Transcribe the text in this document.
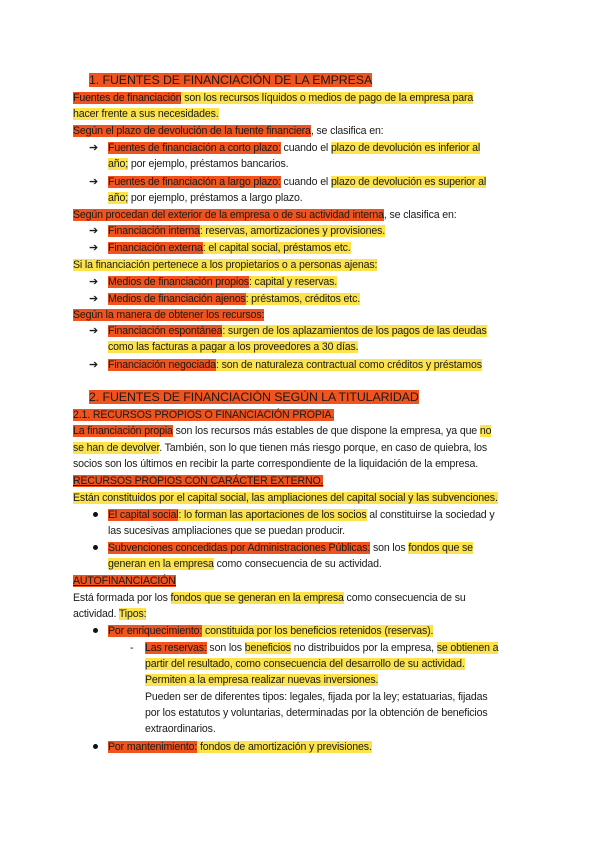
1. FUENTES DE FINANCIACIÓN DE LA EMPRESA
Fuentes de financiación son los recursos líquidos o medios de pago de la empresa para
hacer frente a sus necesidades.
Según el plazo de devolución de la fuente financiera, se clasifica en:
➔ Fuentes de financiación a corto plazo: cuando el plazo de devolución es inferior al
año; por ejemplo, préstamos bancarios.
➔ Fuentes de financiación a largo plazo: cuando el plazo de devolución es superior al
año; por ejemplo, préstamos a largo plazo.
Según procedan del exterior de la empresa o de su actividad interna, se clasifica en:
➔ Financiación interna: reservas, amortizaciones y provisiones.
➔ Financiación externa: el capital social, préstamos etc.
Si la financiación pertenece a los propietarios o a personas ajenas:
➔ Medios de financiación propios: capital y reservas.
➔ Medios de financiación ajenos: préstamos, créditos etc.
Según la manera de obtener los recursos:
➔ Financiación espontánea: surgen de los aplazamientos de los pagos de las deudas
como las facturas a pagar a los proveedores a 30 días.
➔ Financiación negociada: son de naturaleza contractual como créditos y préstamos
2. FUENTES DE FINANCIACIÓN SEGÚN LA TITULARIDAD
2.1. RECURSOS PROPIOS O FINANCIACIÓN PROPIA.
La financiación propia son los recursos más estables de que dispone la empresa, ya que no
se han de devolver. También, son lo que tienen más riesgo porque, en caso de quiebra, los
socios son los últimos en recibir la parte correspondiente de la liquidación de la empresa.
RECURSOS PROPIOS CON CARÁCTER EXTERNO.
Están constituidos por el capital social, las ampliaciones del capital social y las subvenciones.
El capital social: lo forman las aportaciones de los socios al constituirse la sociedad y
las sucesivas ampliaciones que se puedan producir.
Subvenciones concedidas por Administraciones Públicas: son los fondos que se
generan en la empresa como consecuencia de su actividad.
AUTOFINANCIACIÓN
Está formada por los fondos que se generan en la empresa como consecuencia de su
actividad. Tipos:
Por enriquecimiento: constituida por los beneficios retenidos (reservas).
- Las reservas: son los beneficios no distribuidos por la empresa, se obtienen a
partir del resultado, como consecuencia del desarrollo de su actividad.
Permiten a la empresa realizar nuevas inversiones.
Pueden ser de diferentes tipos: legales, fijada por la ley; estatuarias, fijadas
por los estatutos y voluntarias, determinadas por la obtención de beneficios
extraordinarios.
Por mantenimiento: fondos de amortización y previsiones.
